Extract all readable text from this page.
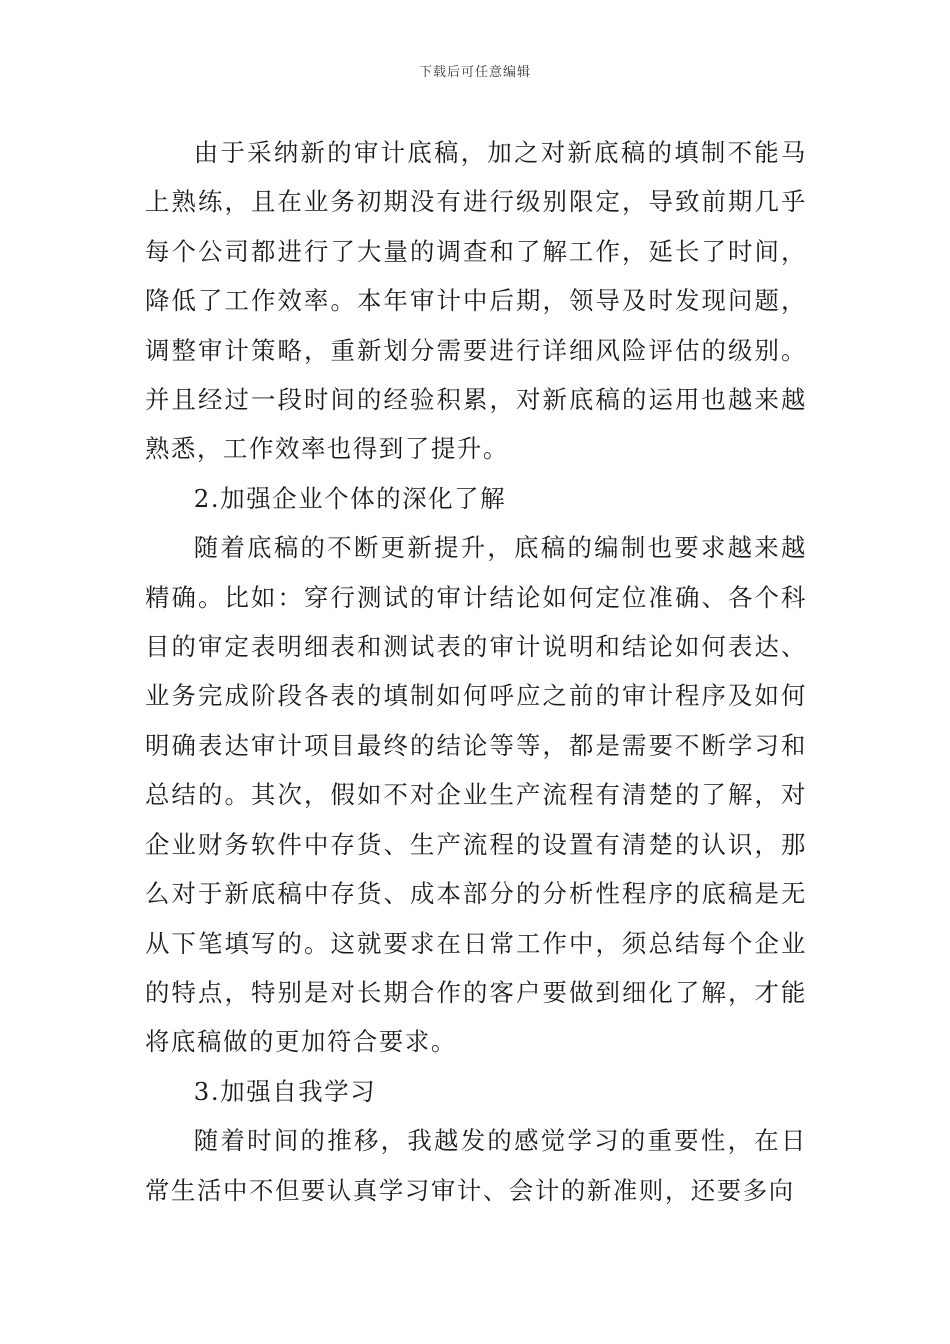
下载后可任意编辑

由于采纳新的审计底稿，加之对新底稿的填制不能马上熟练，且在业务初期没有进行级别限定，导致前期几乎每个公司都进行了大量的调查和了解工作，延长了时间，降低了工作效率。本年审计中后期，领导及时发现问题，调整审计策略，重新划分需要进行详细风险评估的级别。并且经过一段时间的经验积累，对新底稿的运用也越来越熟悉，工作效率也得到了提升。

2.加强企业个体的深化了解

随着底稿的不断更新提升，底稿的编制也要求越来越精确。比如：穿行测试的审计结论如何定位准确、各个科目的审定表明细表和测试表的审计说明和结论如何表达、业务完成阶段各表的填制如何呼应之前的审计程序及如何明确表达审计项目最终的结论等等，都是需要不断学习和总结的。其次，假如不对企业生产流程有清楚的了解，对企业财务软件中存货、生产流程的设置有清楚的认识，那么对于新底稿中存货、成本部分的分析性程序的底稿是无从下笔填写的。这就要求在日常工作中，须总结每个企业的特点，特别是对长期合作的客户要做到细化了解，才能将底稿做的更加符合要求。

3.加强自我学习

随着时间的推移，我越发的感觉学习的重要性，在日常生活中不但要认真学习审计、会计的新准则，还要多向
